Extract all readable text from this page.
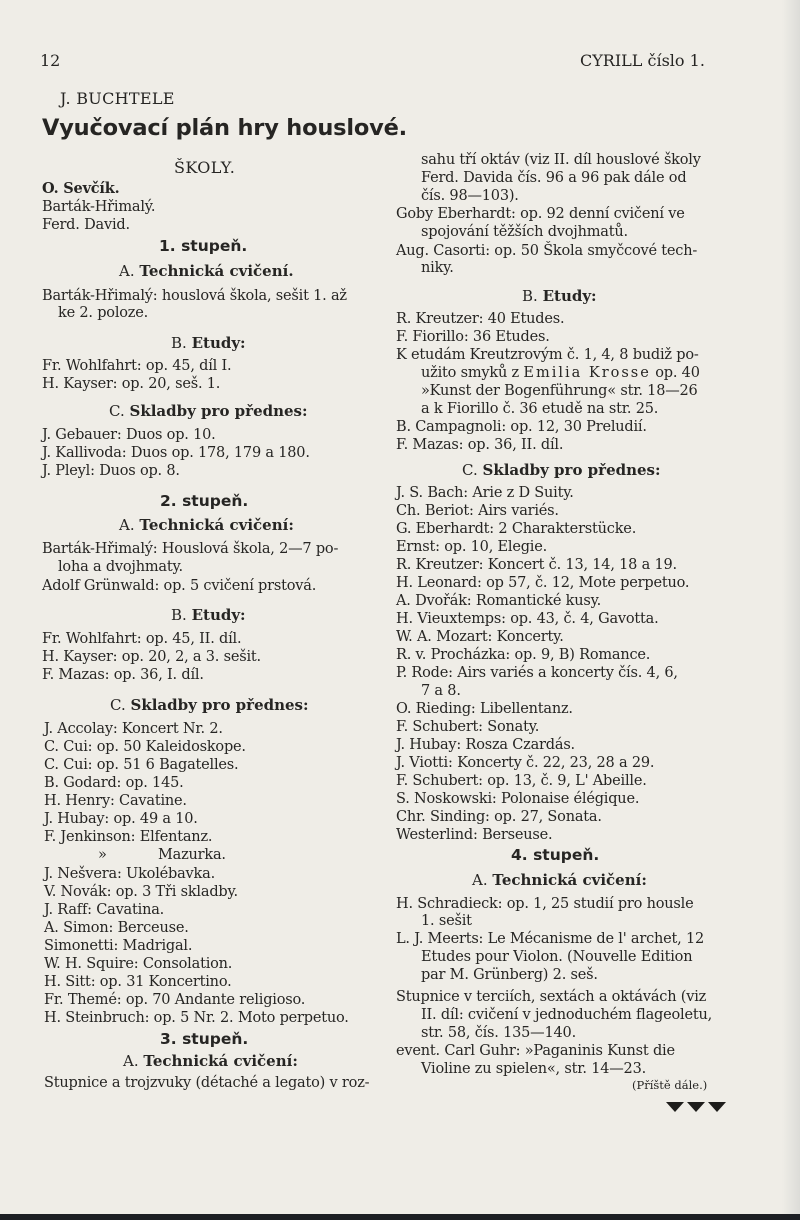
12	CYRILL číslo 1.
J. BUCHTELE
Vyučovací plán hry houslové.
ŠKOLY.
O. Sevčík.
Barták-Hřimalý.
Ferd. David.
1. stupeň.
A. Technická cvičení.
Barták-Hřimalý: houslová škola, sešit 1. až
ke 2. poloze.
B. Etudy:
Fr. Wohlfahrt: op. 45, díl I.
H. Kayser: op. 20, seš. 1.
C. Skladby pro přednes:
J. Gebauer: Duos op. 10.
J. Kallivoda: Duos op. 178, 179 a 180.
J. Pleyl: Duos op. 8.
2. stupeň.
A. Technická cvičení:
Barták-Hřimalý: Houslová škola, 2—7 po-
loha a dvojhmaty.
Adolf Grünwald: op. 5 cvičení prstová.
B. Etudy:
Fr. Wohlfahrt: op. 45, II. díl.
H. Kayser: op. 20, 2, a 3. sešit.
F. Mazas: op. 36, I. díl.
C. Skladby pro přednes:
J. Accolay: Koncert Nr. 2.
C. Cui: op. 50 Kaleidoskope.
C. Cui: op. 51 6 Bagatelles.
B. Godard: op. 145.
H. Henry: Cavatine.
J. Hubay: op. 49 a 10.
F. Jenkinson: Elfentanz.
»	Mazurka.
J. Nešvera: Ukolébavka.
V. Novák: op. 3 Tři skladby.
J. Raff: Cavatina.
A. Simon: Berceuse.
Simonetti: Madrigal.
W. H. Squire: Consolation.
H. Sitt: op. 31 Koncertino.
Fr. Themé: op. 70 Andante religioso.
H. Steinbruch: op. 5 Nr. 2. Moto perpetuo.
3. stupeň.
A. Technická cvičení:
Stupnice a trojzvuky (détaché a legato) v roz-
sahu tří oktáv (viz II. díl houslové školy
Ferd. Davida čís. 96 a 96 pak dále od
čís. 98—103).
Goby Eberhardt: op. 92 denní cvičení ve
spojování těžších dvojhmatů.
Aug. Casorti: op. 50 Škola smyčcové tech-
niky.
B. Etudy:
R. Kreutzer: 40 Etudes.
F. Fiorillo: 36 Etudes.
K etudám Kreutzrovým č. 1, 4, 8 budiž po-
užito smyků z Emilia Krosse op. 40
»Kunst der Bogenführung« str. 18—26
a k Fiorillo č. 36 etudě na str. 25.
B. Campagnoli: op. 12, 30 Preludií.
F. Mazas: op. 36, II. díl.
C. Skladby pro přednes:
J. S. Bach: Arie z D Suity.
Ch. Beriot: Airs variés.
G. Eberhardt: 2 Charakterstücke.
Ernst: op. 10, Elegie.
R. Kreutzer: Koncert č. 13, 14, 18 a 19.
H. Leonard: op 57, č. 12, Mote perpetuo.
A. Dvořák: Romantické kusy.
H. Vieuxtemps: op. 43, č. 4, Gavotta.
W. A. Mozart: Koncerty.
R. v. Procházka: op. 9, B) Romance.
P. Rode: Airs variés a koncerty čís. 4, 6,
7 a 8.
O. Rieding: Libellentanz.
F. Schubert: Sonaty.
J. Hubay: Rosza Czardás.
J. Viotti: Koncerty č. 22, 23, 28 a 29.
F. Schubert: op. 13, č. 9, L' Abeille.
S. Noskowski: Polonaise élégique.
Chr. Sinding: op. 27, Sonata.
Westerlind: Berseuse.
4. stupeň.
A. Technická cvičení:
H. Schradieck: op. 1, 25 studií pro housle
1. sešit
L. J. Meerts: Le Mécanisme de l' archet, 12
Etudes pour Violon. (Nouvelle Edition
par M. Grünberg) 2. seš.
Stupnice v terciích, sextách a oktávách (viz
II. díl: cvičení v jednoduchém flageoletu,
str. 58, čís. 135—140.
event. Carl Guhr: »Paganinis Kunst die
Violine zu spielen«, str. 14—23.
(Příště dále.)
